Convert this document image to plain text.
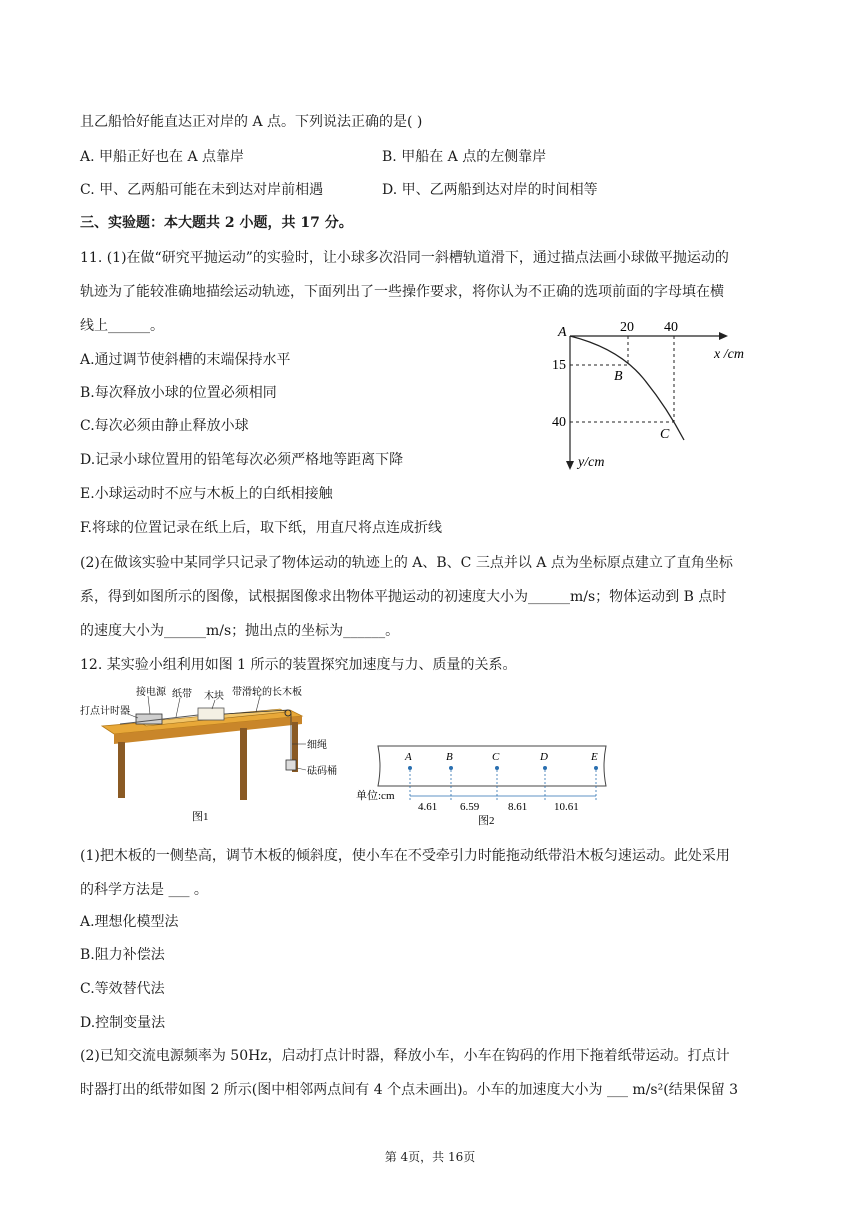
且乙船恰好能直达正对岸的 A 点。下列说法正确的是( )
A. 甲船正好也在 A 点靠岸	B. 甲船在 A 点的左侧靠岸
C. 甲、乙两船可能在未到达对岸前相遇	D. 甲、乙两船到达对岸的时间相等
三、实验题：本大题共 2 小题，共 17 分。
11. (1)在做“研究平抛运动”的实验时，让小球多次沿同一斜槽轨道滑下，通过描点法画小球做平抛运动的
轨迹为了能较准确地描绘运动轨迹，下面列出了一些操作要求，将你认为不正确的选项前面的字母填在横
线上______。
A.通过调节使斜槽的末端保持水平
B.每次释放小球的位置必须相同
C.每次必须由静止释放小球
D.记录小球位置用的铅笔每次必须严格地等距离下降
E.小球运动时不应与木板上的白纸相接触
F.将球的位置记录在纸上后，取下纸，用直尺将点连成折线
A
B
C
20 40
15
40
x /cm
y/cm
(2)在做该实验中某同学只记录了物体运动的轨迹上的 A、B、C 三点并以 A 点为坐标原点建立了直角坐标
系，得到如图所示的图像，试根据图像求出物体平抛运动的初速度大小为______m/s；物体运动到 B 点时
的速度大小为______m/s；抛出点的坐标为______。
12. 某实验小组利用如图 1 所示的装置探究加速度与力、质量的关系。
接电源 纸带 木块 带滑轮的长木板
打点计时器
细绳
砝码桶
图1
A	B	C	D	E
单位:cm
4.61 6.59	8.61 10.61
图2
(1)把木板的一侧垫高，调节木板的倾斜度，使小车在不受牵引力时能拖动纸带沿木板匀速运动。此处采用
的科学方法是 ___ 。
A.理想化模型法
B.阻力补偿法
C.等效替代法
D.控制变量法
(2)已知交流电源频率为 50Hz，启动打点计时器，释放小车，小车在钩码的作用下拖着纸带运动。打点计
时器打出的纸带如图 2 所示(图中相邻两点间有 4 个点未画出)。小车的加速度大小为 ___ m/s²(结果保留 3
第 4页，共 16页
